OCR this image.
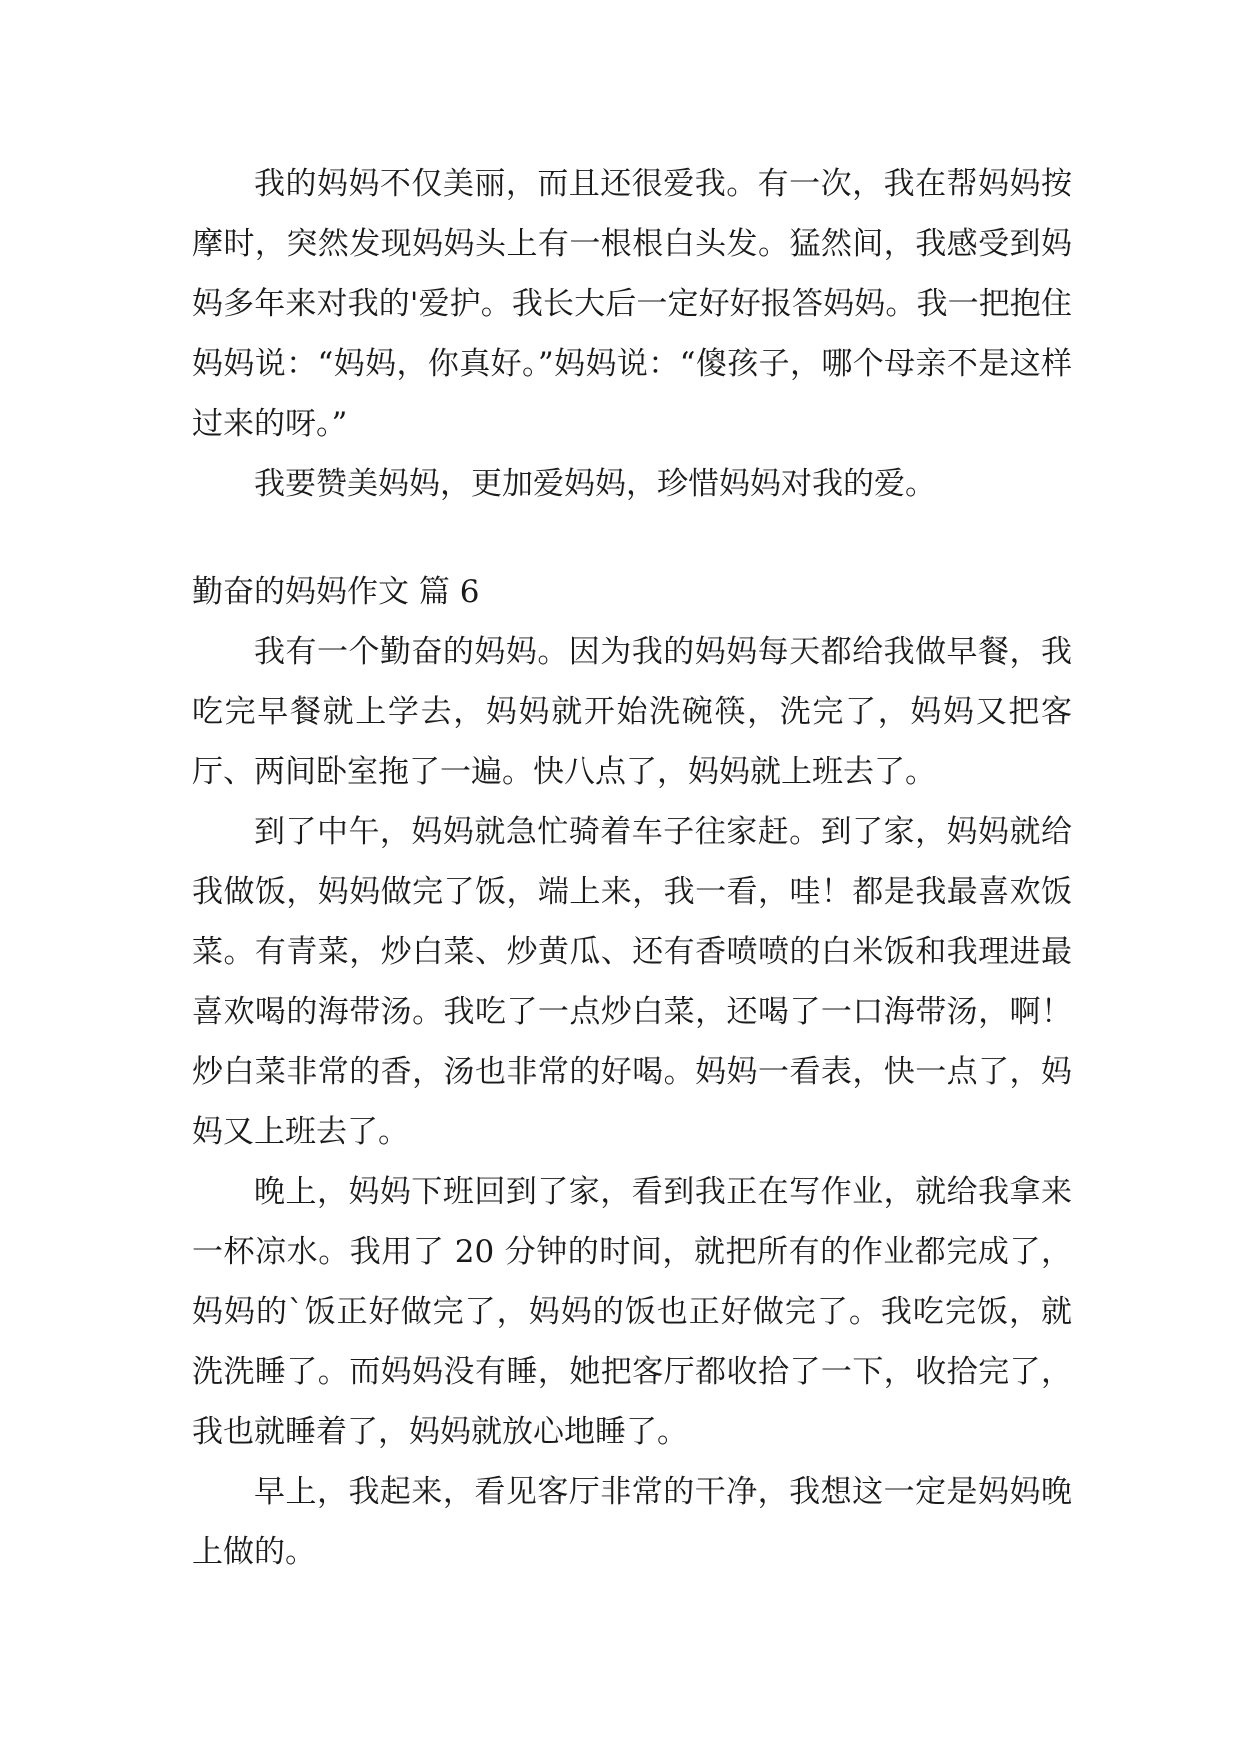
我的妈妈不仅美丽，而且还很爱我。有一次，我在帮妈妈按摩时，突然发现妈妈头上有一根根白头发。猛然间，我感受到妈妈多年来对我的'爱护。我长大后一定好好报答妈妈。我一把抱住妈妈说：“妈妈，你真好。”妈妈说：“傻孩子，哪个母亲不是这样过来的呀。”

我要赞美妈妈，更加爱妈妈，珍惜妈妈对我的爱。

勤奋的妈妈作文 篇 6

我有一个勤奋的妈妈。因为我的妈妈每天都给我做早餐，我吃完早餐就上学去，妈妈就开始洗碗筷，洗完了，妈妈又把客厅、两间卧室拖了一遍。快八点了，妈妈就上班去了。

到了中午，妈妈就急忙骑着车子往家赶。到了家，妈妈就给我做饭，妈妈做完了饭，端上来，我一看，哇！都是我最喜欢饭菜。有青菜，炒白菜、炒黄瓜、还有香喷喷的白米饭和我理进最喜欢喝的海带汤。我吃了一点炒白菜，还喝了一口海带汤，啊！炒白菜非常的香，汤也非常的好喝。妈妈一看表，快一点了，妈妈又上班去了。

晚上，妈妈下班回到了家，看到我正在写作业，就给我拿来一杯凉水。我用了 20 分钟的时间，就把所有的作业都完成了，妈妈的`饭正好做完了，妈妈的饭也正好做完了。我吃完饭，就洗洗睡了。而妈妈没有睡，她把客厅都收拾了一下，收拾完了，我也就睡着了，妈妈就放心地睡了。

早上，我起来，看见客厅非常的干净，我想这一定是妈妈晚上做的。
